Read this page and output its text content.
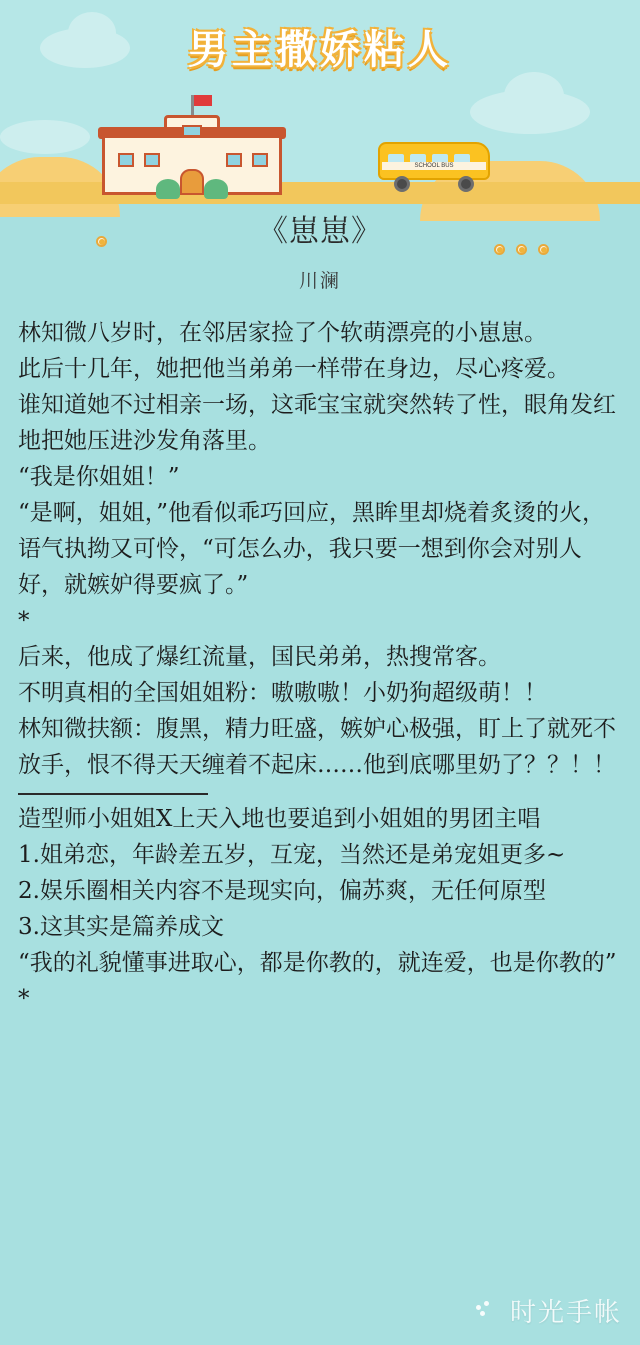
男主撒娇粘人
SCHOOL BUS
《崽崽》
川澜

林知微八岁时，在邻居家捡了个软萌漂亮的小崽崽。

此后十几年，她把他当弟弟一样带在身边，尽心疼爱。

谁知道她不过相亲一场，这乖宝宝就突然转了性，眼角发红地把她压进沙发角落里。

“我是你姐姐！”

“是啊，姐姐，”他看似乖巧回应，黑眸里却烧着炙烫的火，语气执拗又可怜，“可怎么办，我只要一想到你会对别人好，就嫉妒得要疯了。”

*

后来，他成了爆红流量，国民弟弟，热搜常客。

不明真相的全国姐姐粉：嗷嗷嗷！小奶狗超级萌！！

林知微扶额：腹黑，精力旺盛，嫉妒心极强，盯上了就死不放手，恨不得天天缠着不起床……他到底哪里奶了？？！！

造型师小姐姐X上天入地也要追到小姐姐的男团主唱

1.姐弟恋，年龄差五岁，互宠，当然还是弟宠姐更多~

2.娱乐圈相关内容不是现实向，偏苏爽，无任何原型

3.这其实是篇养成文

“我的礼貌懂事进取心，都是你教的，就连爱，也是你教的”

*

时光手帐
